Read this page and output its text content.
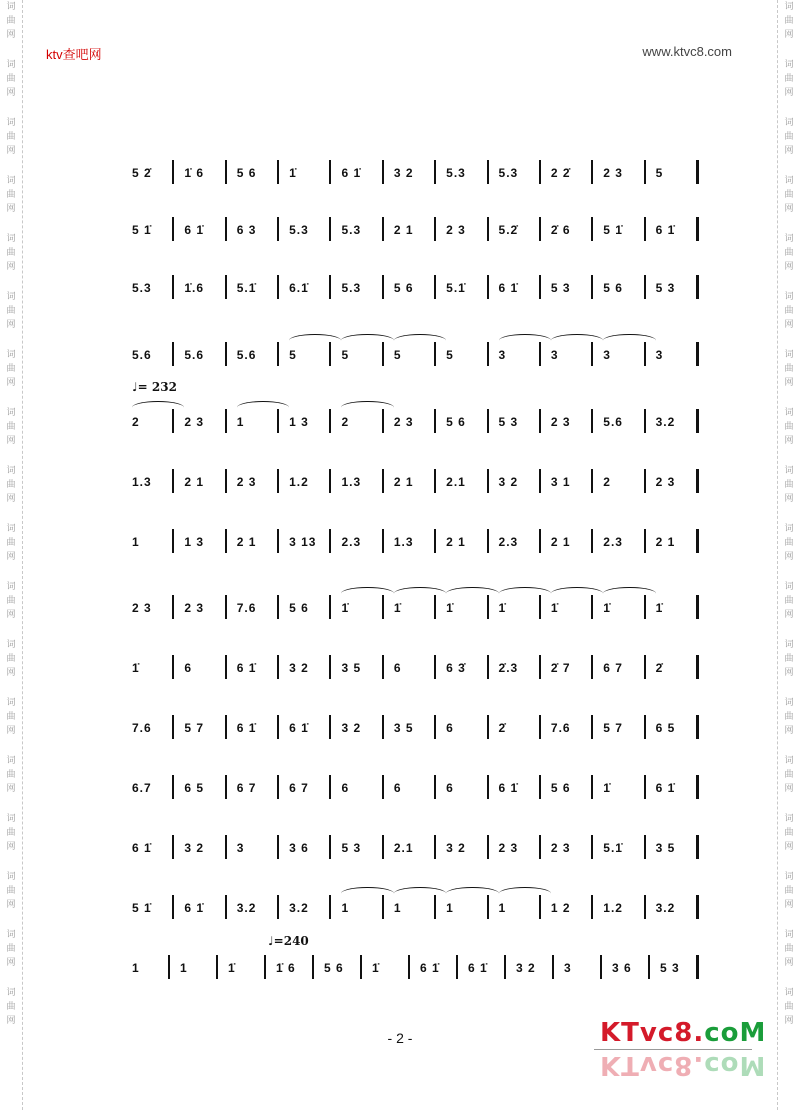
词
曲
网
词
曲
网
词
曲
网
词
曲
网
词
曲
网
词
曲
网
词
曲
网
词
曲
网
词
曲
网
词
曲
网
词
曲
网
词
曲
网
词
曲
网
词
曲
网
词
曲
网
词
曲
网
词
曲
网
词
曲
网
词
曲
网
词
曲
网
词
曲
网
词
曲
网
词
曲
网
词
曲
网
词
曲
网
词
曲
网
词
曲
网
词
曲
网
词
曲
网
词
曲
网
词
曲
网
词
曲
网
词
曲
网
词
曲
网
词
曲
网
词
曲
网
ktv查吧网	www.ktvc8.com
♩= 232
♩=240
5 2̇	1̇ 6	5 6	1̇	6 1̇	3 2	5.3	5.3	2 2̇	2 3	5
5 1̇	6 1̇	6 3	5.3	5.3	2 1	2 3	5.2̇	2̇ 6	5 1̇	6 1̇
5.3	1̇.6	5.1̇	6.1̇	5.3	5 6	5.1̇	6 1̇	5 3	5 6	5 3
5.6	5.6	5.6	5	5	5	5	3	3	3	3
2	2 3	1	1 3	2	2 3	5 6	5 3	2 3	5.6	3.2
1.3	2 1	2 3	1.2	1.3	2 1	2.1	3 2	3 1	2	2 3
1	1 3	2 1	3 13 2.3	1.3	2 1	2.3	2 1	2.3	2 1
2 3	2 3	7.6	5 6	1̇	1̇	1̇	1̇	1̇	1̇	1̇
1̇	6	6 1̇	3 2	3 5	6	6 3̇	2̇.3	2̇ 7	6 7	2̇
7.6	5 7	6 1̇	6 1̇	3 2	3 5	6	2̇	7.6	5 7	6 5
6.7	6 5	6 7	6 7	6	6	6	6 1̇	5 6	1̇	6 1̇
6 1̇	3 2	3	3 6	5 3	2.1	3 2	2 3	2 3	5.1̇	3 5
5 1̇	6 1̇	3.2	3.2	1	1	1	1	1 2	1.2	3.2
1	1	1̇	1̇ 6 5 6 1̇	6 1̇ 6 1̇ 3 2 3	3 6 5 3
- 2 -	KTvc8.coM
KTvc8.coM
